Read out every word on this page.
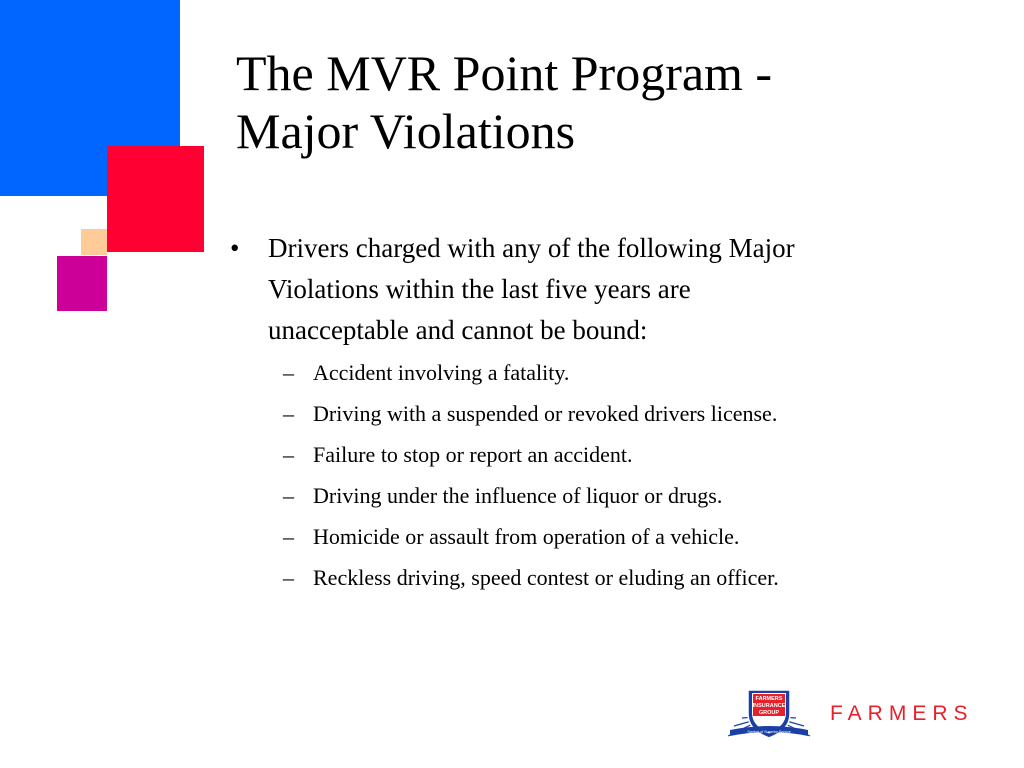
The MVR Point Program -
Major Violations
•	Drivers charged with any of the following Major
Violations within the last five years are
unacceptable and cannot be bound:
– Accident involving a fatality.
– Driving with a suspended or revoked drivers license.
– Failure to stop or report an accident.
– Driving under the influence of liquor or drugs.
– Homicide or assault from operation of a vehicle.
– Reckless driving, speed contest or eluding an officer.
FARMERS
INSURANCE
GROUP
Symbol of Superior Service
FARMERS
